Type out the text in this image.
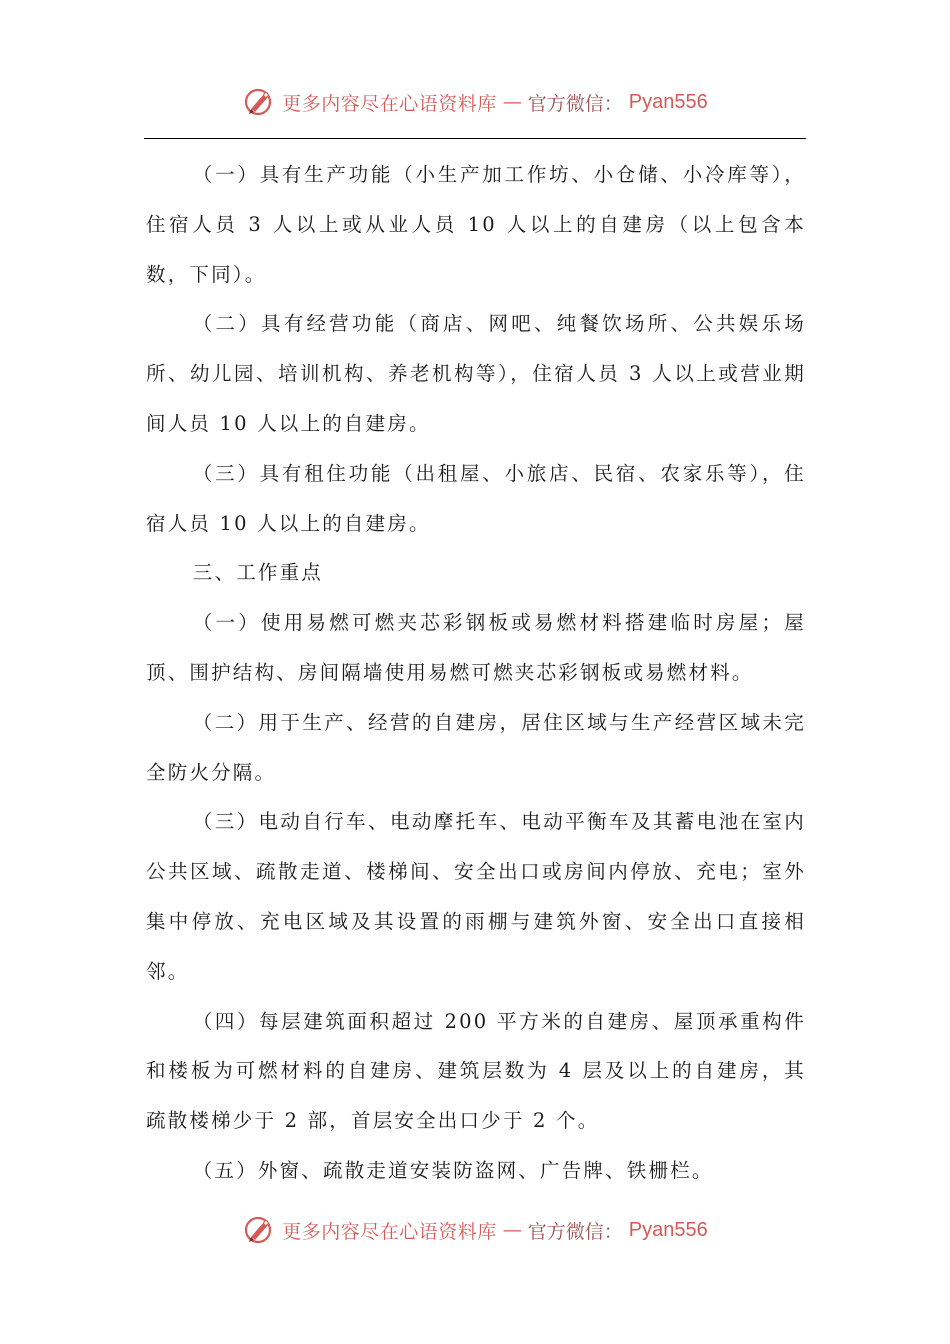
更多内容尽在心语资料库 — 官方微信： Pyan556

（一）具有生产功能（小生产加工作坊、小仓储、小冷库等），住宿人员 3 人以上或从业人员 10 人以上的自建房（以上包含本数，下同）。

（二）具有经营功能（商店、网吧、纯餐饮场所、公共娱乐场所、幼儿园、培训机构、养老机构等），住宿人员 3 人以上或营业期间人员 10 人以上的自建房。

（三）具有租住功能（出租屋、小旅店、民宿、农家乐等），住宿人员 10 人以上的自建房。

三、工作重点

（一）使用易燃可燃夹芯彩钢板或易燃材料搭建临时房屋；屋顶、围护结构、房间隔墙使用易燃可燃夹芯彩钢板或易燃材料。

（二）用于生产、经营的自建房，居住区域与生产经营区域未完全防火分隔。

（三）电动自行车、电动摩托车、电动平衡车及其蓄电池在室内公共区域、疏散走道、楼梯间、安全出口或房间内停放、充电；室外集中停放、充电区域及其设置的雨棚与建筑外窗、安全出口直接相邻。

（四）每层建筑面积超过 200 平方米的自建房、屋顶承重构件和楼板为可燃材料的自建房、建筑层数为 4 层及以上的自建房，其疏散楼梯少于 2 部，首层安全出口少于 2 个。

（五）外窗、疏散走道安装防盗网、广告牌、铁栅栏。

更多内容尽在心语资料库 — 官方微信： Pyan556
